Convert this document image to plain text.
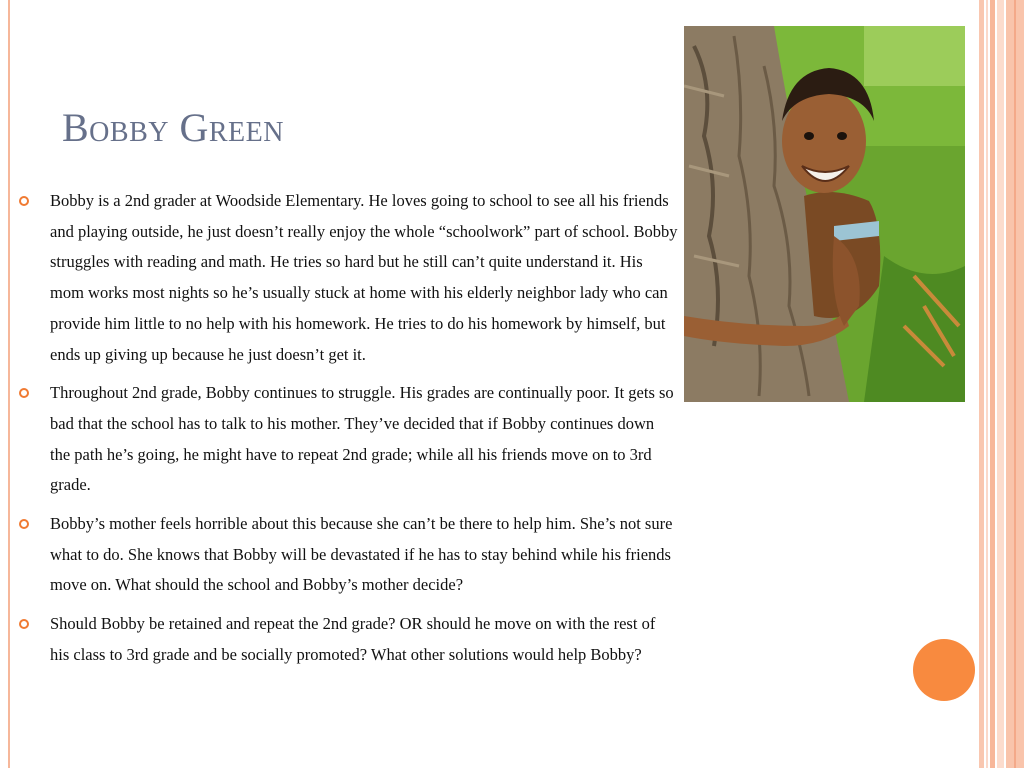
Bobby Green
Bobby is a 2nd grader at Woodside Elementary. He loves going to school to see all his friends and playing outside, he just doesn’t really enjoy the whole “schoolwork” part of school. Bobby struggles with reading and math. He tries so hard but he still can’t quite understand it. His mom works most nights so he’s usually stuck at home with his elderly neighbor lady who can provide him little to no help with his homework. He tries to do his homework by himself, but ends up giving up because he just doesn’t get it.
Throughout 2nd grade, Bobby continues to struggle. His grades are continually poor. It gets so bad that the school has to talk to his mother. They’ve decided that if Bobby continues down the path he’s going, he might have to repeat 2nd grade; while all his friends move on to 3rd grade.
Bobby’s mother feels horrible about this because she can’t be there to help him. She’s not sure what to do. She knows that Bobby will be devastated if he has to stay behind while his friends move on. What should the school and Bobby’s mother decide?
Should Bobby be retained and repeat the 2nd grade? OR should he move on with the rest of his class to 3rd grade and be socially promoted? What other solutions would help Bobby?
